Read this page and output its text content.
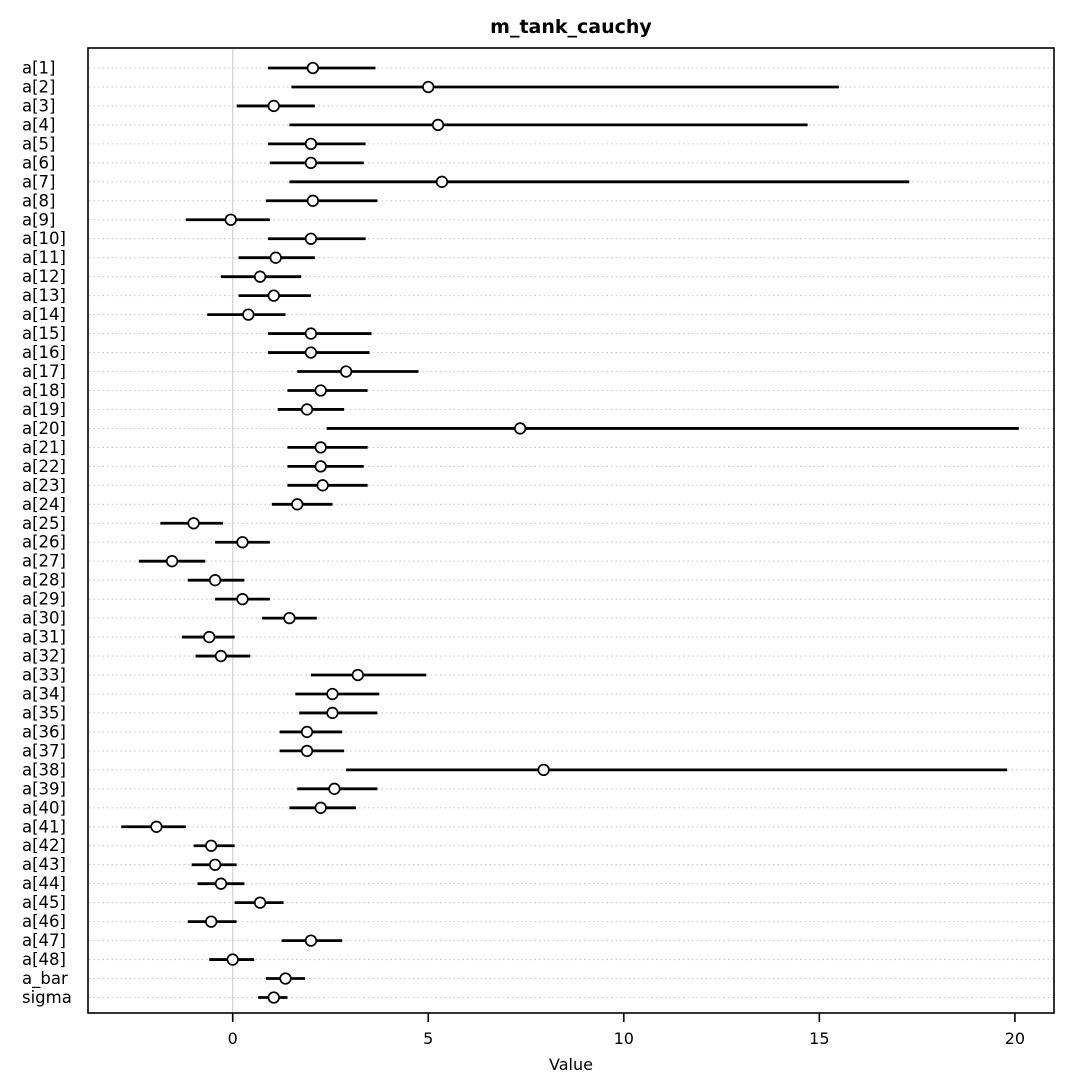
m_tank_cauchy
a[1]
a[2]
a[3]
a[4]
a[5]
a[6]
a[7]
a[8]
a[9]
a[10]
a[11]
a[12]
a[13]
a[14]
a[15]
a[16]
a[17]
a[18]
a[19]
a[20]
a[21]
a[22]
a[23]
a[24]
a[25]
a[26]
a[27]
a[28]
a[29]
a[30]
a[31]
a[32]
a[33]
a[34]
a[35]
a[36]
a[37]
a[38]
a[39]
a[40]
a[41]
a[42]
a[43]
a[44]
a[45]
a[46]
a[47]
a[48]
a_bar
sigma
0	5	10	15	20
Value
